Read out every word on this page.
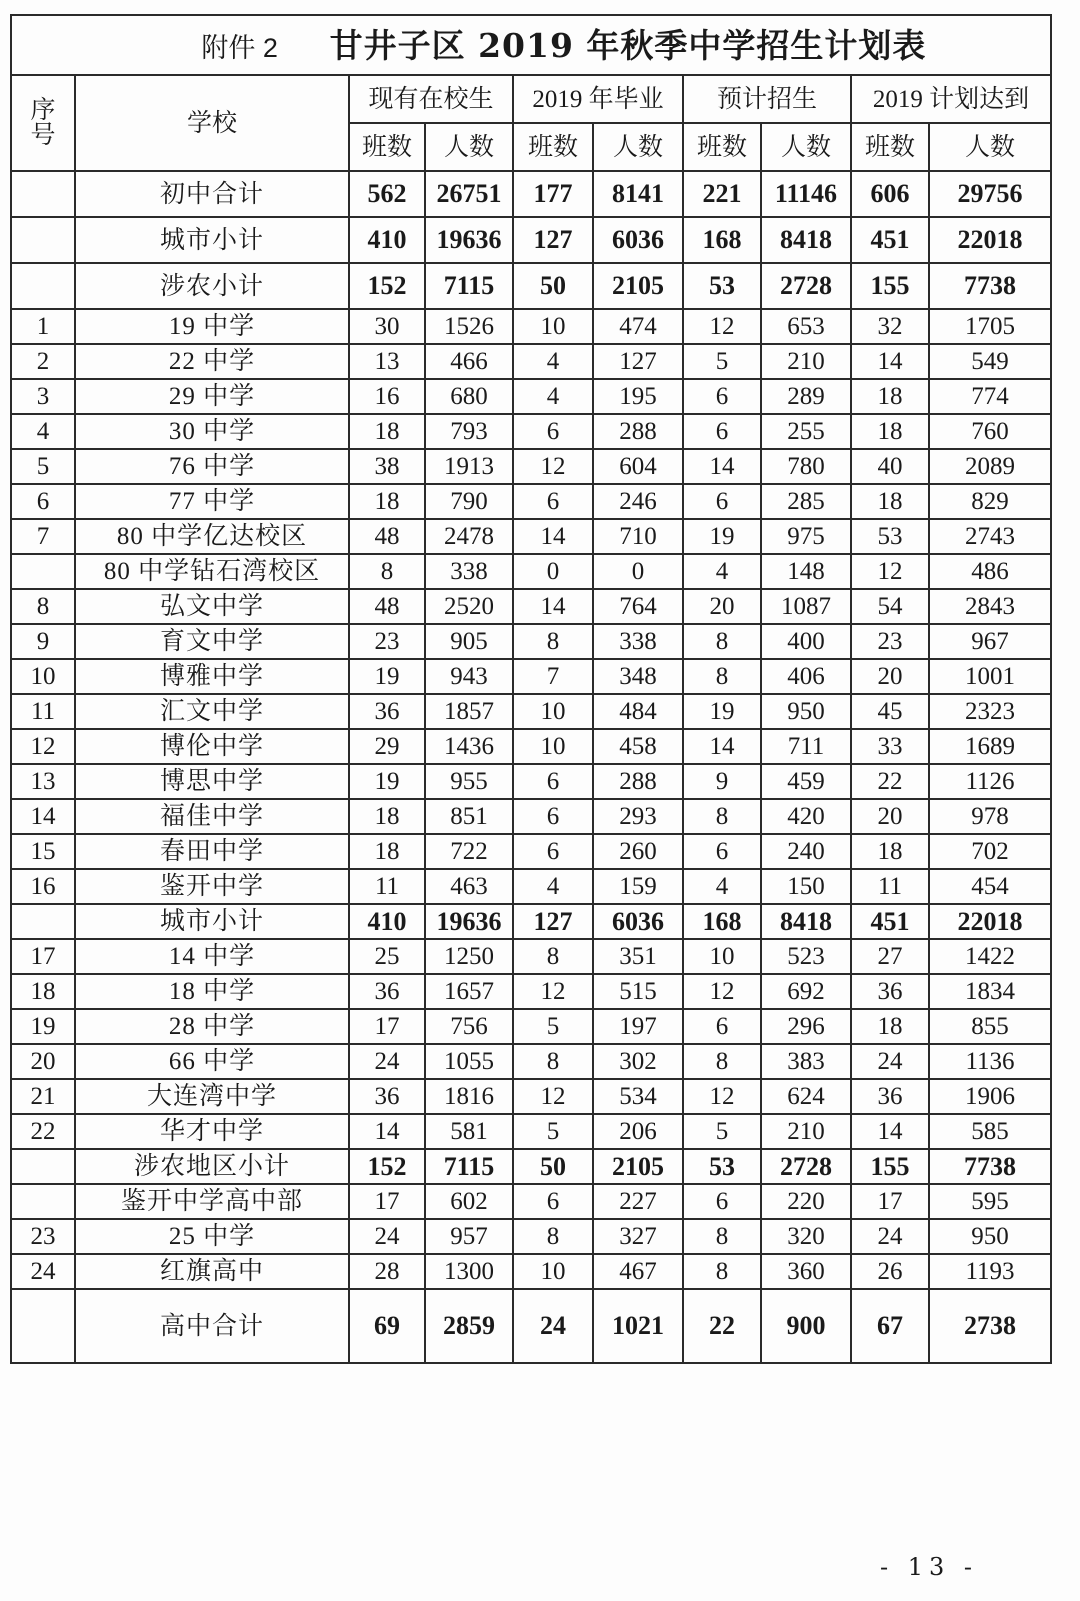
附件 2 甘井子区 2019 年秋季中学招生计划表									
序
号	学校	现有在校生		2019 年毕业		预计招生		2019 计划达到	
		班数	人数	班数	人数	班数	人数	班数	人数
	初中合计	562	26751	177	8141	221	11146	606	29756
	城市小计	410	19636	127	6036	168	8418	451	22018
	涉农小计	152	7115	50	2105	53	2728	155	7738
1	19 中学	30	1526	10	474	12	653	32	1705
2	22 中学	13	466	4	127	5	210	14	549
3	29 中学	16	680	4	195	6	289	18	774
4	30 中学	18	793	6	288	6	255	18	760
5	76 中学	38	1913	12	604	14	780	40	2089
6	77 中学	18	790	6	246	6	285	18	829
7	80 中学亿达校区	48	2478	14	710	19	975	53	2743
	80 中学钻石湾校区	8	338	0	0	4	148	12	486
8	弘文中学	48	2520	14	764	20	1087	54	2843
9	育文中学	23	905	8	338	8	400	23	967
10	博雅中学	19	943	7	348	8	406	20	1001
11	汇文中学	36	1857	10	484	19	950	45	2323
12	博伦中学	29	1436	10	458	14	711	33	1689
13	博思中学	19	955	6	288	9	459	22	1126
14	福佳中学	18	851	6	293	8	420	20	978
15	春田中学	18	722	6	260	6	240	18	702
16	鉴开中学	11	463	4	159	4	150	11	454
	城市小计	410	19636	127	6036	168	8418	451	22018
17	14 中学	25	1250	8	351	10	523	27	1422
18	18 中学	36	1657	12	515	12	692	36	1834
19	28 中学	17	756	5	197	6	296	18	855
20	66 中学	24	1055	8	302	8	383	24	1136
21	大连湾中学	36	1816	12	534	12	624	36	1906
22	华才中学	14	581	5	206	5	210	14	585
	涉农地区小计	152	7115	50	2105	53	2728	155	7738
	鉴开中学高中部	17	602	6	227	6	220	17	595
23	25 中学	24	957	8	327	8	320	24	950
24	红旗高中	28	1300	10	467	8	360	26	1193
	高中合计	69	2859	24	1021	22	900	67	2738
- 13 -
